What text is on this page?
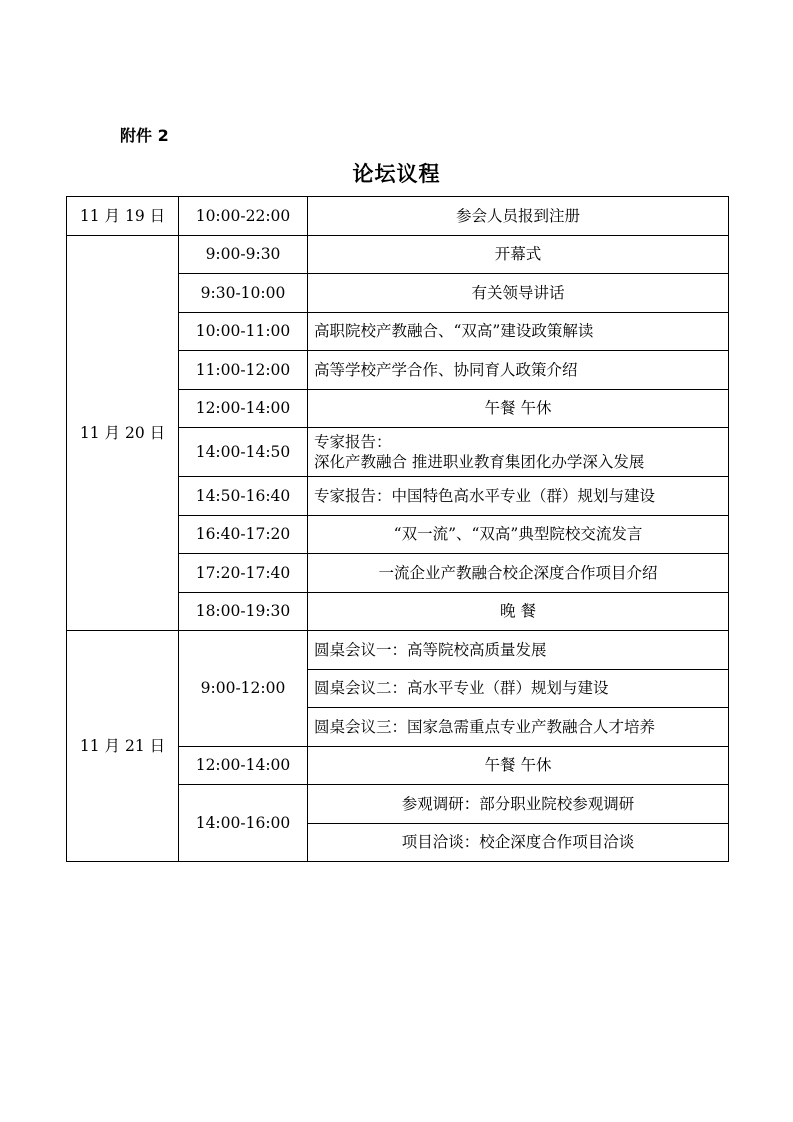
附件 2
论坛议程
11 月 19 日	10:00-22:00	参会人员报到注册
11 月 20 日	9:00-9:30	开幕式
	9:30-10:00	有关领导讲话
	10:00-11:00	高职院校产教融合、“双高”建设政策解读
	11:00-12:00	高等学校产学合作、协同育人政策介绍
	12:00-14:00	午餐 午休
	14:00-14:50	专家报告：
深化产教融合 推进职业教育集团化办学深入发展

	14:50-16:40	专家报告：中国特色高水平专业（群）规划与建设
	16:40-17:20	“双一流”、“双高”典型院校交流发言
	17:20-17:40	一流企业产教融合校企深度合作项目介绍
	18:00-19:30	晚 餐
11 月 21 日	9:00-12:00	圆桌会议一：高等院校高质量发展
		圆桌会议二：高水平专业（群）规划与建设
		圆桌会议三：国家急需重点专业产教融合人才培养
	12:00-14:00	午餐 午休
	14:00-16:00	参观调研：部分职业院校参观调研
		项目洽谈：校企深度合作项目洽谈
